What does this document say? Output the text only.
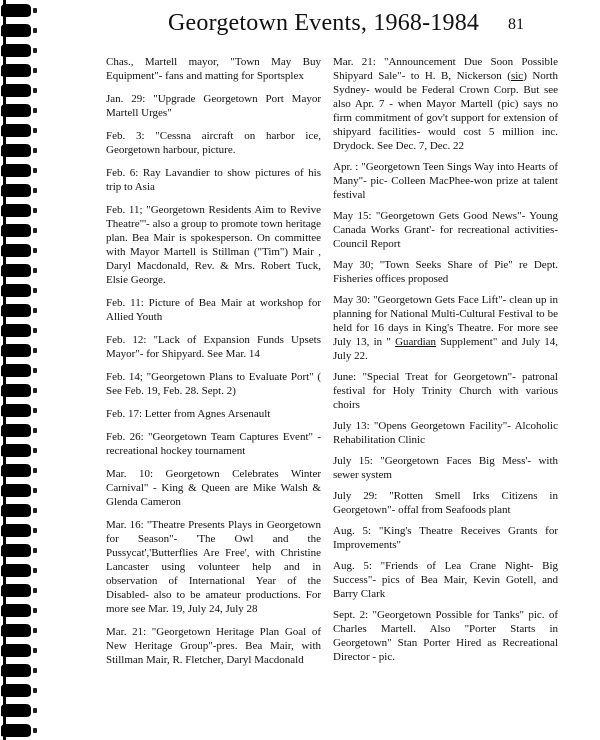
Georgetown Events, 1968-1984 81

Chas., Martell mayor, "Town May Buy Equipment"- fans and matting for Sportsplex

Jan. 29: "Upgrade Georgetown Port Mayor Martell Urges"

Feb. 3: "Cessna aircraft on harbor ice, Georgetown harbour, picture.

Feb. 6: Ray Lavandier to show pictures of his trip to Asia

Feb. 11; "Georgetown Residents Aim to Revive Theatre"'- also a group to promote town heritage plan. Bea Mair is spokesperson. On committee with Mayor Martell is Stillman ("Tim") Mair , Daryl Macdonald, Rev. & Mrs. Robert Tuck, Elsie George.

Feb. 11: Picture of Bea Mair at workshop for Allied Youth

Feb. 12: "Lack of Expansion Funds Upsets Mayor"- for Shipyard. See Mar. 14

Feb. 14; "Georgetown Plans to Evaluate Port" ( See Feb. 19, Feb. 28. Sept. 2)

Feb. 17: Letter from Agnes Arsenault

Feb. 26: "Georgetown Team Captures Event" - recreational hockey tournament

Mar. 10: Georgetown Celebrates Winter Carnival" - King & Queen are Mike Walsh & Glenda Cameron

Mar. 16: "Theatre Presents Plays in Georgetown for Season"- 'The Owl and the Pussycat','Butterflies Are Free', with Christine Lancaster using volunteer help and in observation of International Year of the Disabled- also to be amateur productions. For more see Mar. 19, July 24, July 28

Mar. 21: "Georgetown Heritage Plan Goal of New Heritage Group"-pres. Bea Mair, with Stillman Mair, R. Fletcher, Daryl Macdonald

Mar. 21: "Announcement Due Soon Possible Shipyard Sale"- to H. B, Nickerson (sic) North Sydney- would be Federal Crown Corp. But see also Apr. 7 - when Mayor Martell (pic) says no firm commitment of gov't support for extension of shipyard facilities- would cost 5 million inc. Drydock. See Dec. 7, Dec. 22

Apr. : "Georgetown Teen Sings Way into Hearts of Many"- pic- Colleen MacPhee-won prize at talent festival

May 15: "Georgetown Gets Good News"- Young Canada Works Grant'- for recreational activities- Council Report

May 30; "Town Seeks Share of Pie" re Dept. Fisheries offices proposed

May 30: "Georgetown Gets Face Lift"- clean up in planning for National Multi-Cultural Festival to be held for 16 days in King's Theatre. For more see July 13, in " Guardian Supplement" and July 14, July 22.

June: "Special Treat for Georgetown"- patronal festival for Holy Trinity Church with various choirs

July 13: "Opens Georgetown Facility"- Alcoholic Rehabilitation Clinic

July 15: "Georgetown Faces Big Mess'- with sewer system

July 29: "Rotten Smell Irks Citizens in Georgetown"- offal from Seafoods plant

Aug. 5: "King's Theatre Receives Grants for Improvements"

Aug. 5: "Friends of Lea Crane Night- Big Success"- pics of Bea Mair, Kevin Gotell, and Barry Clark

Sept. 2: "Georgetown Possible for Tanks" pic. of Charles Martell. Also "Porter Starts in Georgetown" Stan Porter Hired as Recreational Director - pic.
